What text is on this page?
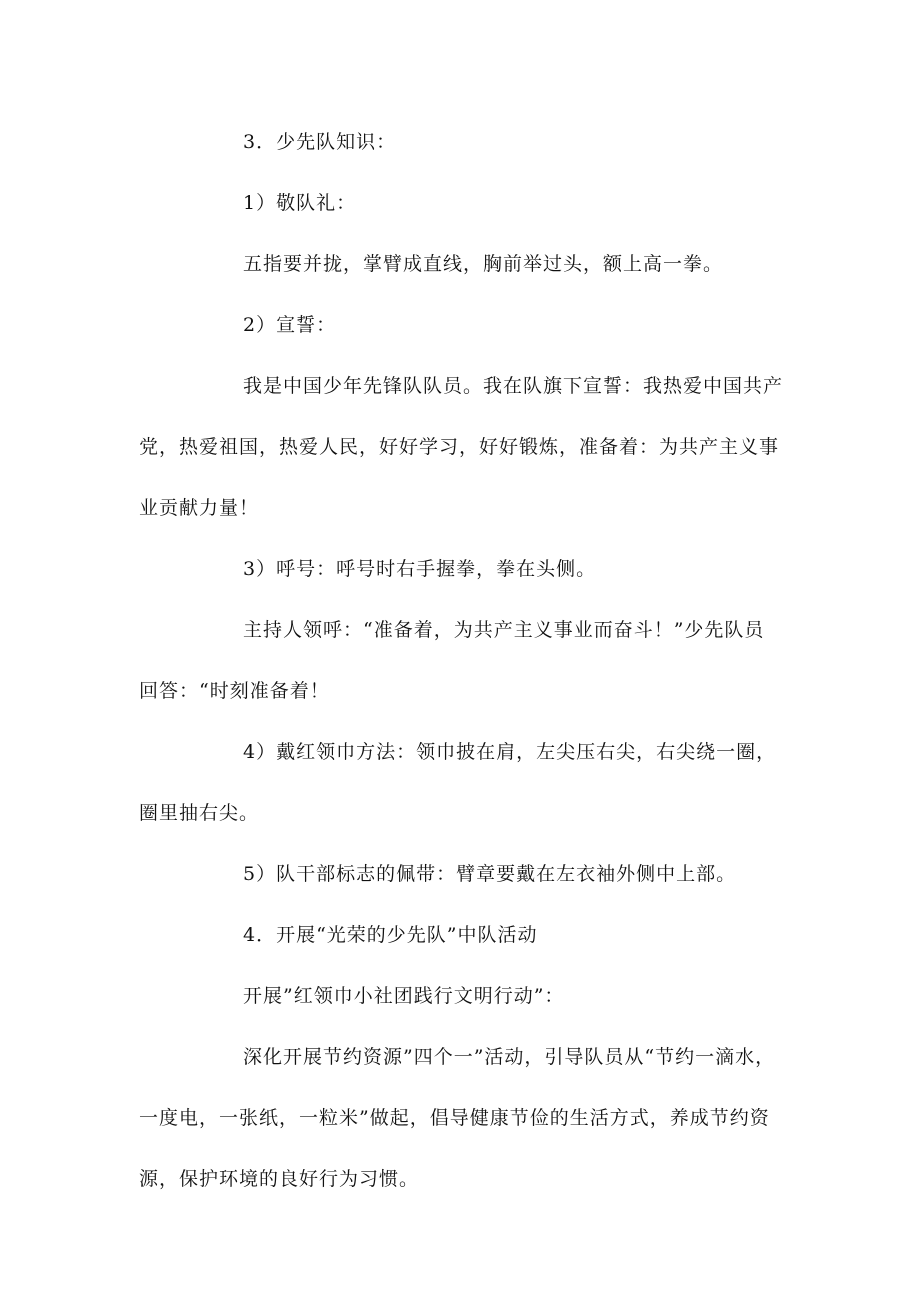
3．少先队知识：
1）敬队礼：
五指要并拢，掌臂成直线，胸前举过头，额上高一拳。
2）宣誓：
我是中国少年先锋队队员。我在队旗下宣誓：我热爱中国共产
党，热爱祖国，热爱人民，好好学习，好好锻炼，准备着：为共产主义事
业贡献力量！
3）呼号：呼号时右手握拳，拳在头侧。
主持人领呼：“准备着，为共产主义事业而奋斗！”少先队员
回答：“时刻准备着！
4）戴红领巾方法：领巾披在肩，左尖压右尖，右尖绕一圈，
圈里抽右尖。
5）队干部标志的佩带：臂章要戴在左衣袖外侧中上部。
4．开展“光荣的少先队”中队活动
开展”红领巾小社团践行文明行动”：
深化开展节约资源”四个一”活动，引导队员从“节约一滴水，
一度电，一张纸，一粒米”做起，倡导健康节俭的生活方式，养成节约资
源，保护环境的良好行为习惯。
